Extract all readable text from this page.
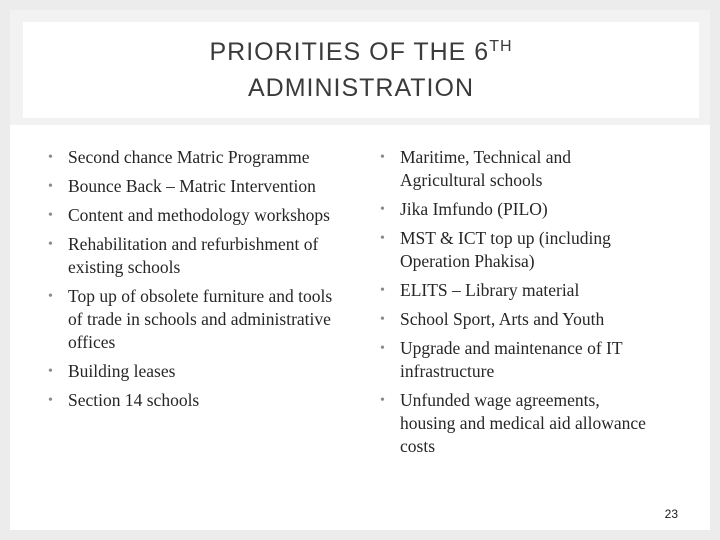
PRIORITIES OF THE 6TH
ADMINISTRATION
• Second chance Matric Programme
• Bounce Back – Matric Intervention
• Content and methodology workshops
• Rehabilitation and refurbishment of existing schools
• Top up of obsolete furniture and tools of trade in schools and administrative offices
• Building leases
• Section 14 schools
• Maritime, Technical and Agricultural schools
• Jika Imfundo (PILO)
• MST & ICT top up (including Operation Phakisa)
• ELITS – Library material
• School Sport, Arts and Youth
• Upgrade and maintenance of IT infrastructure
• Unfunded wage agreements, housing and medical aid allowance costs
23
